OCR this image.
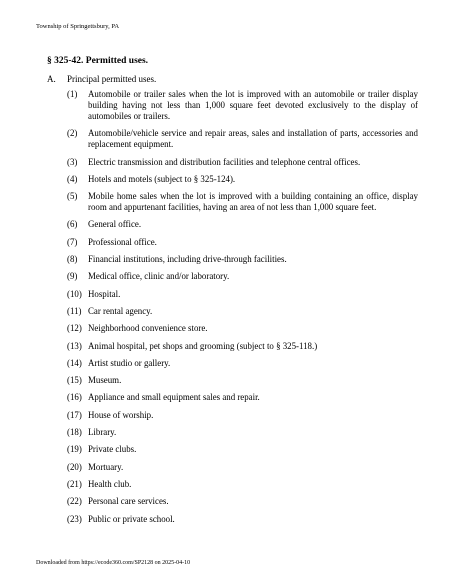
Township of Springettsbury, PA
§ 325-42. Permitted uses.
A. Principal permitted uses.
(1)	Automobile or trailer sales when the lot is improved with an automobile or trailer display building having not less than 1,000 square feet devoted exclusively to the display of automobiles or trailers.
(2)	Automobile/vehicle service and repair areas, sales and installation of parts, accessories and replacement equipment.
(3)	Electric transmission and distribution facilities and telephone central offices.
(4)	Hotels and motels (subject to § 325-124).
(5)	Mobile home sales when the lot is improved with a building containing an office, display room and appurtenant facilities, having an area of not less than 1,000 square feet.
(6)	General office.
(7)	Professional office.
(8)	Financial institutions, including drive-through facilities.
(9)	Medical office, clinic and/or laboratory.
(10) Hospital.
(11) Car rental agency.
(12) Neighborhood convenience store.
(13) Animal hospital, pet shops and grooming (subject to § 325-118.)
(14) Artist studio or gallery.
(15) Museum.
(16) Appliance and small equipment sales and repair.
(17) House of worship.
(18) Library.
(19) Private clubs.
(20) Mortuary.
(21) Health club.
(22) Personal care services.
(23) Public or private school.
Downloaded from https://ecode360.com/SP2128 on 2025-04-10
